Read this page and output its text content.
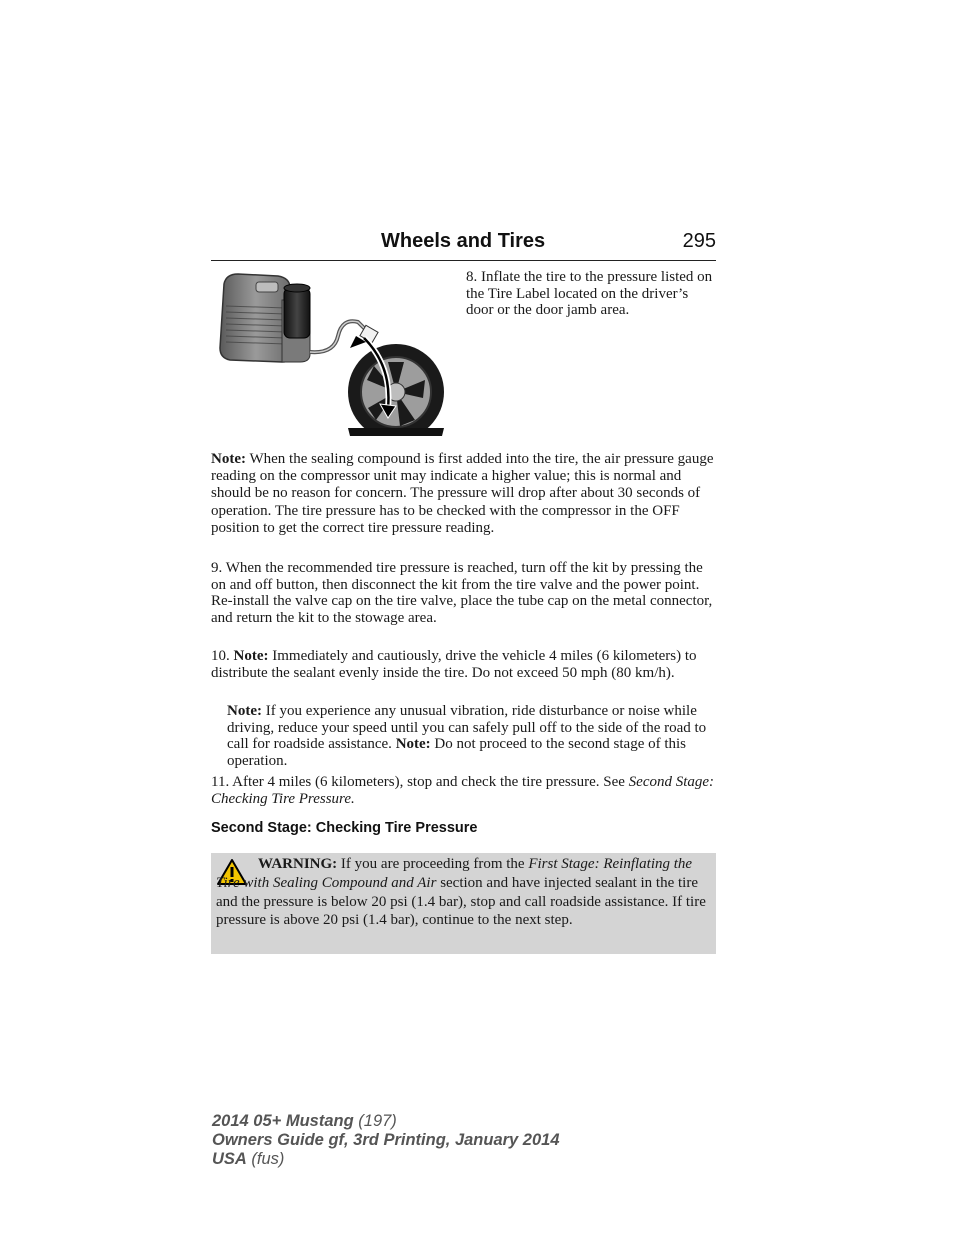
Wheels and Tires	295

8. Inflate the tire to the pressure listed on the Tire Label located on the driver’s door or the door jamb area.

Note: When the sealing compound is first added into the tire, the air pressure gauge reading on the compressor unit may indicate a higher value; this is normal and should be no reason for concern. The pressure will drop after about 30 seconds of operation. The tire pressure has to be checked with the compressor in the OFF position to get the correct tire pressure reading.

9. When the recommended tire pressure is reached, turn off the kit by pressing the on and off button, then disconnect the kit from the tire valve and the power point. Re-install the valve cap on the tire valve, place the tube cap on the metal connector, and return the kit to the stowage area.

10. Note: Immediately and cautiously, drive the vehicle 4 miles (6 kilometers) to distribute the sealant evenly inside the tire. Do not exceed 50 mph (80 km/h).

Note: If you experience any unusual vibration, ride disturbance or noise while driving, reduce your speed until you can safely pull off to the side of the road to call for roadside assistance. Note: Do not proceed to the second stage of this operation.

11. After 4 miles (6 kilometers), stop and check the tire pressure. See Second Stage: Checking Tire Pressure.

Second Stage: Checking Tire Pressure

WARNING: If you are proceeding from the First Stage: Reinflating the Tire with Sealing Compound and Air section and have injected sealant in the tire and the pressure is below 20 psi (1.4 bar), stop and call roadside assistance. If tire pressure is above 20 psi (1.4 bar), continue to the next step.

2014 05+ Mustang (197)
Owners Guide gf, 3rd Printing, January 2014
USA (fus)
